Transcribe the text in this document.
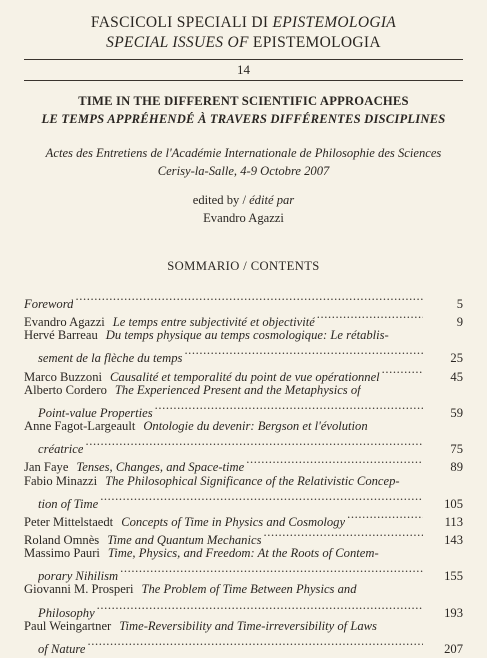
FASCICOLI SPECIALI DI EPISTEMOLOGIA
SPECIAL ISSUES OF EPISTEMOLOGIA
14
TIME IN THE DIFFERENT SCIENTIFIC APPROACHES
LE TEMPS APPRÉHENDÉ À TRAVERS DIFFÉRENTES DISCIPLINES
Actes des Entretiens de l'Académie Internationale de Philosophie des Sciences
Cerisy-la-Salle, 4-9 Octobre 2007
edited by / édité par
Evandro Agazzi
SOMMARIO / CONTENTS
Foreword .....	5
Evandro Agazzi Le temps entre subjectivité et objectivité .....	9
Hervé Barreau Du temps physique au temps cosmologique: Le rétablis-
sement de la flèche du temps .....	25
Marco Buzzoni Causalité et temporalité du point de vue opérationnel .....	45
Alberto Cordero The Experienced Present and the Metaphysics of
Point-value Properties .....	59
Anne Fagot-Largeault Ontologie du devenir: Bergson et l'évolution
créatrice .....	75
Jan Faye Tenses, Changes, and Space-time .....	89
Fabio Minazzi The Philosophical Significance of the Relativistic Concep-
tion of Time .....	105
Peter Mittelstaedt Concepts of Time in Physics and Cosmology .....	113
Roland Omnès Time and Quantum Mechanics .....	143
Massimo Pauri Time, Physics, and Freedom: At the Roots of Contem-
porary Nihilism .....	155
Giovanni M. Prosperi The Problem of Time Between Physics and
Philosophy .....	193
Paul Weingartner Time-Reversibility and Time-irreversibility of Laws
of Nature .....	207
